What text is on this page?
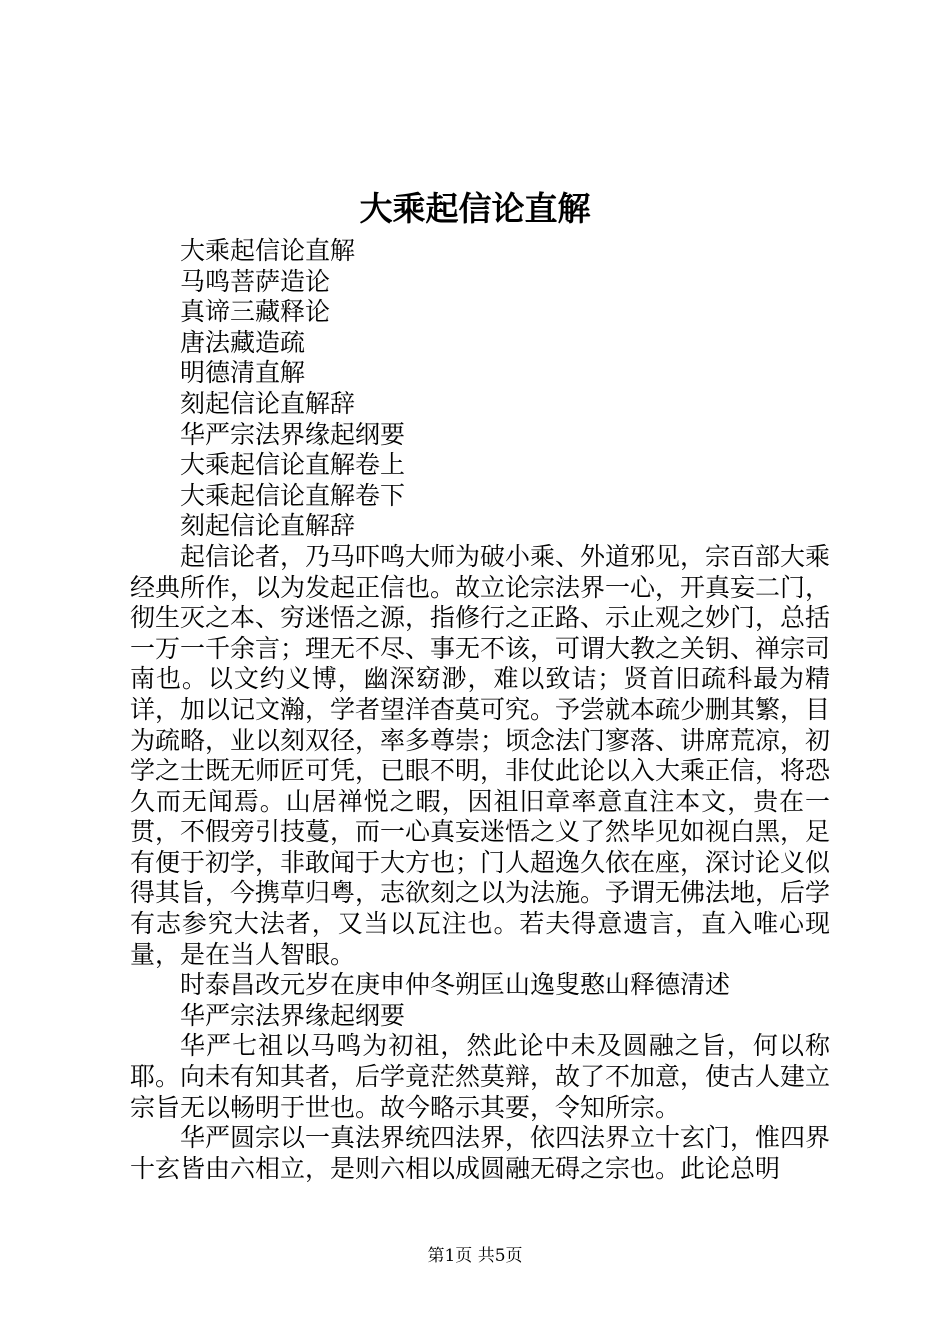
大乘起信论直解

大乘起信论直解

马鸣菩萨造论

真谛三藏释论

唐法藏造疏

明德清直解

刻起信论直解辞

华严宗法界缘起纲要

大乘起信论直解卷上

大乘起信论直解卷下

刻起信论直解辞

起信论者，乃马吓鸣大师为破小乘、外道邪见，宗百部大乘经典所作，以为发起正信也。故立论宗法界一心，开真妄二门，彻生灭之本、穷迷悟之源，指修行之正路、示止观之妙门，总括一万一千余言；理无不尽、事无不该，可谓大教之关钥、禅宗司南也。以文约义博，幽深窈渺，难以致诘；贤首旧疏科最为精详，加以记文瀚，学者望洋杳莫可究。予尝就本疏少删其繁，目为疏略，业以刻双径，率多尊崇；顷念法门寥落、讲席荒凉，初学之士既无师匠可凭，已眼不明，非仗此论以入大乘正信，将恐久而无闻焉。山居禅悦之暇，因祖旧章率意直注本文，贵在一贯，不假旁引技蔓，而一心真妄迷悟之义了然毕见如视白黑，足有便于初学，非敢闻于大方也；门人超逸久依在座，深讨论义似得其旨，今携草归粤，志欲刻之以为法施。予谓无佛法地，后学有志参究大法者，又当以瓦注也。若夫得意遗言，直入唯心现量，是在当人智眼。

时泰昌改元岁在庚申仲冬朔匡山逸叟憨山释德清述

华严宗法界缘起纲要

华严七祖以马鸣为初祖，然此论中未及圆融之旨，何以称耶。向未有知其者，后学竟茫然莫辩，故了不加意，使古人建立宗旨无以畅明于世也。故今略示其要，令知所宗。

华严圆宗以一真法界统四法界，依四法界立十玄门，惟四界十玄皆由六相立，是则六相以成圆融无碍之宗也。此论总明

第1页 共5页
